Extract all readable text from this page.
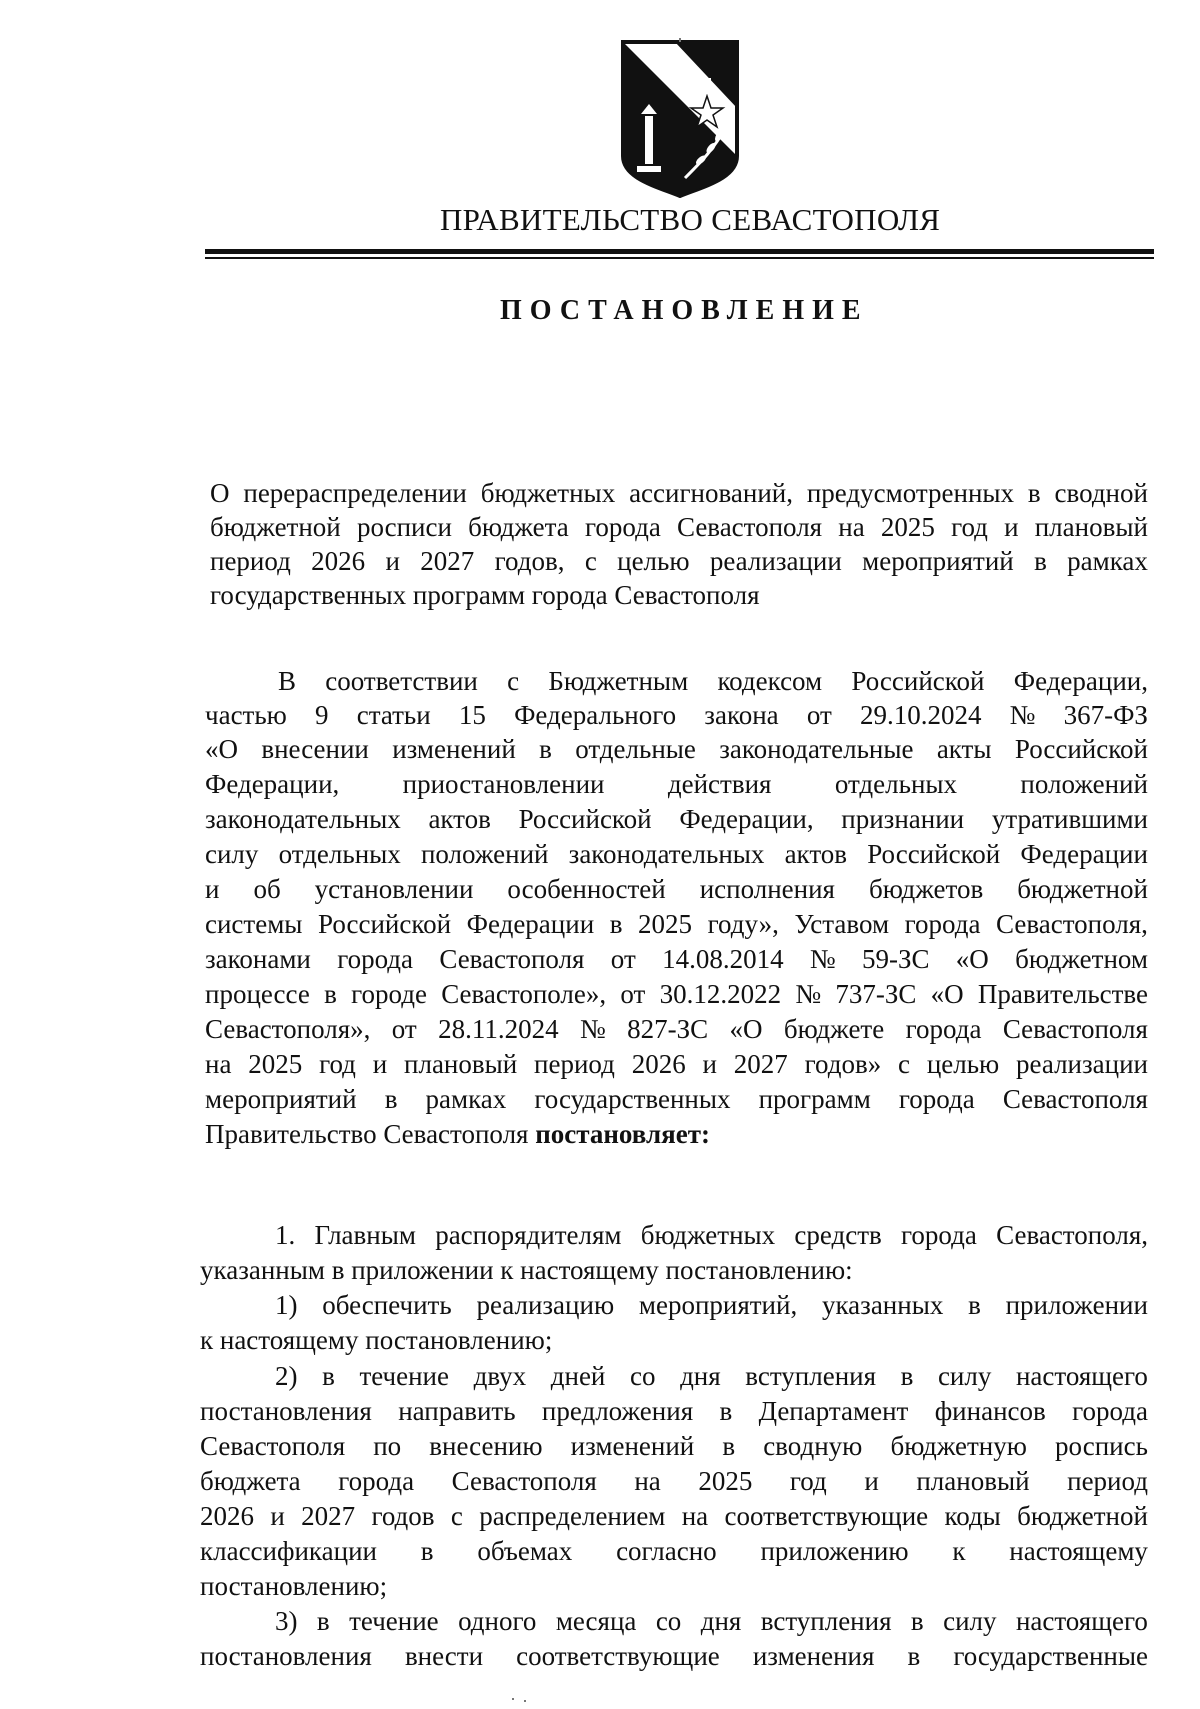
ПРАВИТЕЛЬСТВО СЕВАСТОПОЛЯ
ПОСТАНОВЛЕНИЕ
О перераспределении бюджетных ассигнований, предусмотренных в сводной
бюджетной росписи бюджета города Севастополя на 2025 год и плановый
период 2026 и 2027 годов, с целью реализации мероприятий в рамках
государственных программ города Севастополя
В соответствии с Бюджетным кодексом Российской Федерации,
частью 9 статьи 15 Федерального закона от 29.10.2024 № 367-ФЗ
«О внесении изменений в отдельные законодательные акты Российской
Федерации, приостановлении действия отдельных положений
законодательных актов Российской Федерации, признании утратившими
силу отдельных положений законодательных актов Российской Федерации
и об установлении особенностей исполнения бюджетов бюджетной
системы Российской Федерации в 2025 году», Уставом города Севастополя,
законами города Севастополя от 14.08.2014 № 59-ЗС «О бюджетном
процессе в городе Севастополе», от 30.12.2022 № 737-ЗС «О Правительстве
Севастополя», от 28.11.2024 № 827-ЗС «О бюджете города Севастополя
на 2025 год и плановый период 2026 и 2027 годов» с целью реализации
мероприятий в рамках государственных программ города Севастополя
Правительство Севастополя постановляет:
1. Главным распорядителям бюджетных средств города Севастополя,
указанным в приложении к настоящему постановлению:
1) обеспечить реализацию мероприятий, указанных в приложении
к настоящему постановлению;
2) в течение двух дней со дня вступления в силу настоящего
постановления направить предложения в Департамент финансов города
Севастополя по внесению изменений в сводную бюджетную роспись
бюджета города Севастополя на 2025 год и плановый период
2026 и 2027 годов с распределением на соответствующие коды бюджетной
классификации в объемах согласно приложению к настоящему
постановлению;
3) в течение одного месяца со дня вступления в силу настоящего
постановления внести соответствующие изменения в государственные
